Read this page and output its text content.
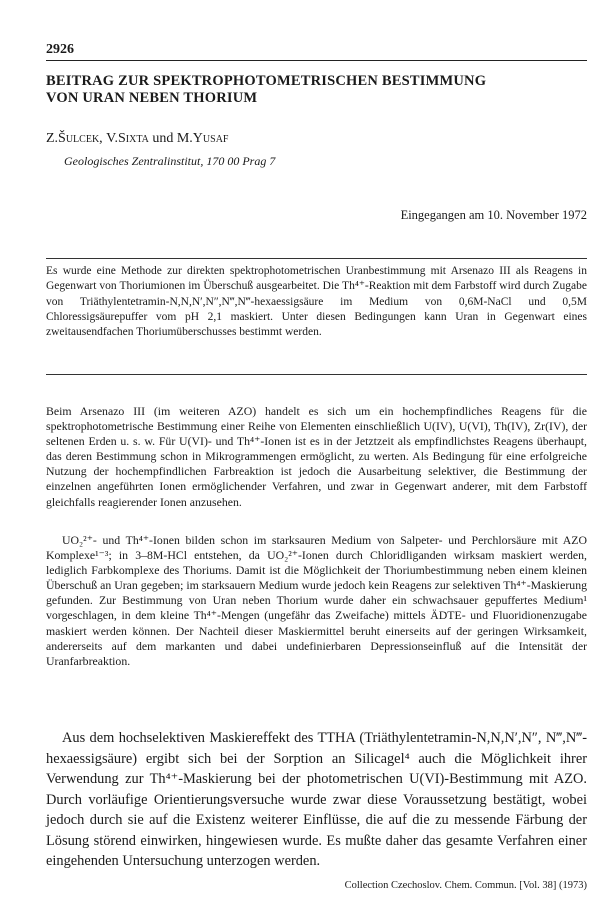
2926
BEITRAG ZUR SPEKTROPHOTOMETRISCHEN BESTIMMUNG
VON URAN NEBEN THORIUM
Z.Šulcek, V.Sixta und M.Yusaf
Geologisches Zentralinstitut, 170 00 Prag 7
Eingegangen am 10. November 1972
Es wurde eine Methode zur direkten spektrophotometrischen Uranbestimmung mit Arsenazo III als Reagens in Gegenwart von Thoriumionen im Überschuß ausgearbeitet. Die Th⁴⁺-Reaktion mit dem Farbstoff wird durch Zugabe von Triäthylentetramin-N,N,N′,N″,N‴,N‴-hexaessigsäure im Medium von 0,6M-NaCl und 0,5M Chloressigsäurepuffer vom pH 2,1 maskiert. Unter diesen Bedingungen kann Uran in Gegenwart eines zweitausendfachen Thoriumüberschusses bestimmt werden.

Beim Arsenazo III (im weiteren AZO) handelt es sich um ein hochempfindliches Reagens für die spektrophotometrische Bestimmung einer Reihe von Elementen einschließlich U(IV), U(VI), Th(IV), Zr(IV), der seltenen Erden u. s. w. Für U(VI)- und Th⁴⁺-Ionen ist es in der Jetztzeit als empfindlichstes Reagens überhaupt, das deren Bestimmung schon in Mikrogrammengen ermöglicht, zu werten. Als Bedingung für eine erfolgreiche Nutzung der hochempfindlichen Farbreaktion ist jedoch die Ausarbeitung selektiver, die Bestimmung der einzelnen angeführten Ionen ermöglichender Verfahren, und zwar in Gegenwart anderer, mit dem Farbstoff gleichfalls reagierender Ionen anzusehen.

UO₂²⁺- und Th⁴⁺-Ionen bilden schon im starksauren Medium von Salpeter- und Perchlorsäure mit AZO Komplexe¹⁻³; in 3–8M-HCl entstehen, da UO₂²⁺-Ionen durch Chloridliganden wirksam maskiert werden, lediglich Farbkomplexe des Thoriums. Damit ist die Möglichkeit der Thoriumbestimmung neben einem kleinen Überschuß an Uran gegeben; im starksauern Medium wurde jedoch kein Reagens zur selektiven Th⁴⁺-Maskierung gefunden. Zur Bestimmung von Uran neben Thorium wurde daher ein schwachsauer gepuffertes Medium¹ vorgeschlagen, in dem kleine Th⁴⁺-Mengen (ungefähr das Zweifache) mittels ÄDTE- und Fluoridionenzugabe maskiert werden können. Der Nachteil dieser Maskiermittel beruht einerseits auf der geringen Wirksamkeit, andererseits auf dem markanten und dabei undefinierbaren Depressionseinfluß auf die Intensität der Uranfarbreaktion.

Aus dem hochselektiven Maskiereffekt des TTHA (Triäthylentetramin-N,N,N′,N″, N‴,N‴-hexaessigsäure) ergibt sich bei der Sorption an Silicagel⁴ auch die Möglichkeit ihrer Verwendung zur Th⁴⁺-Maskierung bei der photometrischen U(VI)-Bestimmung mit AZO. Durch vorläufige Orientierungsversuche wurde zwar diese Voraussetzung bestätigt, wobei jedoch durch sie auf die Existenz weiterer Einflüsse, die auf die zu messende Färbung der Lösung störend einwirken, hingewiesen wurde. Es mußte daher das gesamte Verfahren einer eingehenden Untersuchung unterzogen werden.

Collection Czechoslov. Chem. Commun. [Vol. 38] (1973)
